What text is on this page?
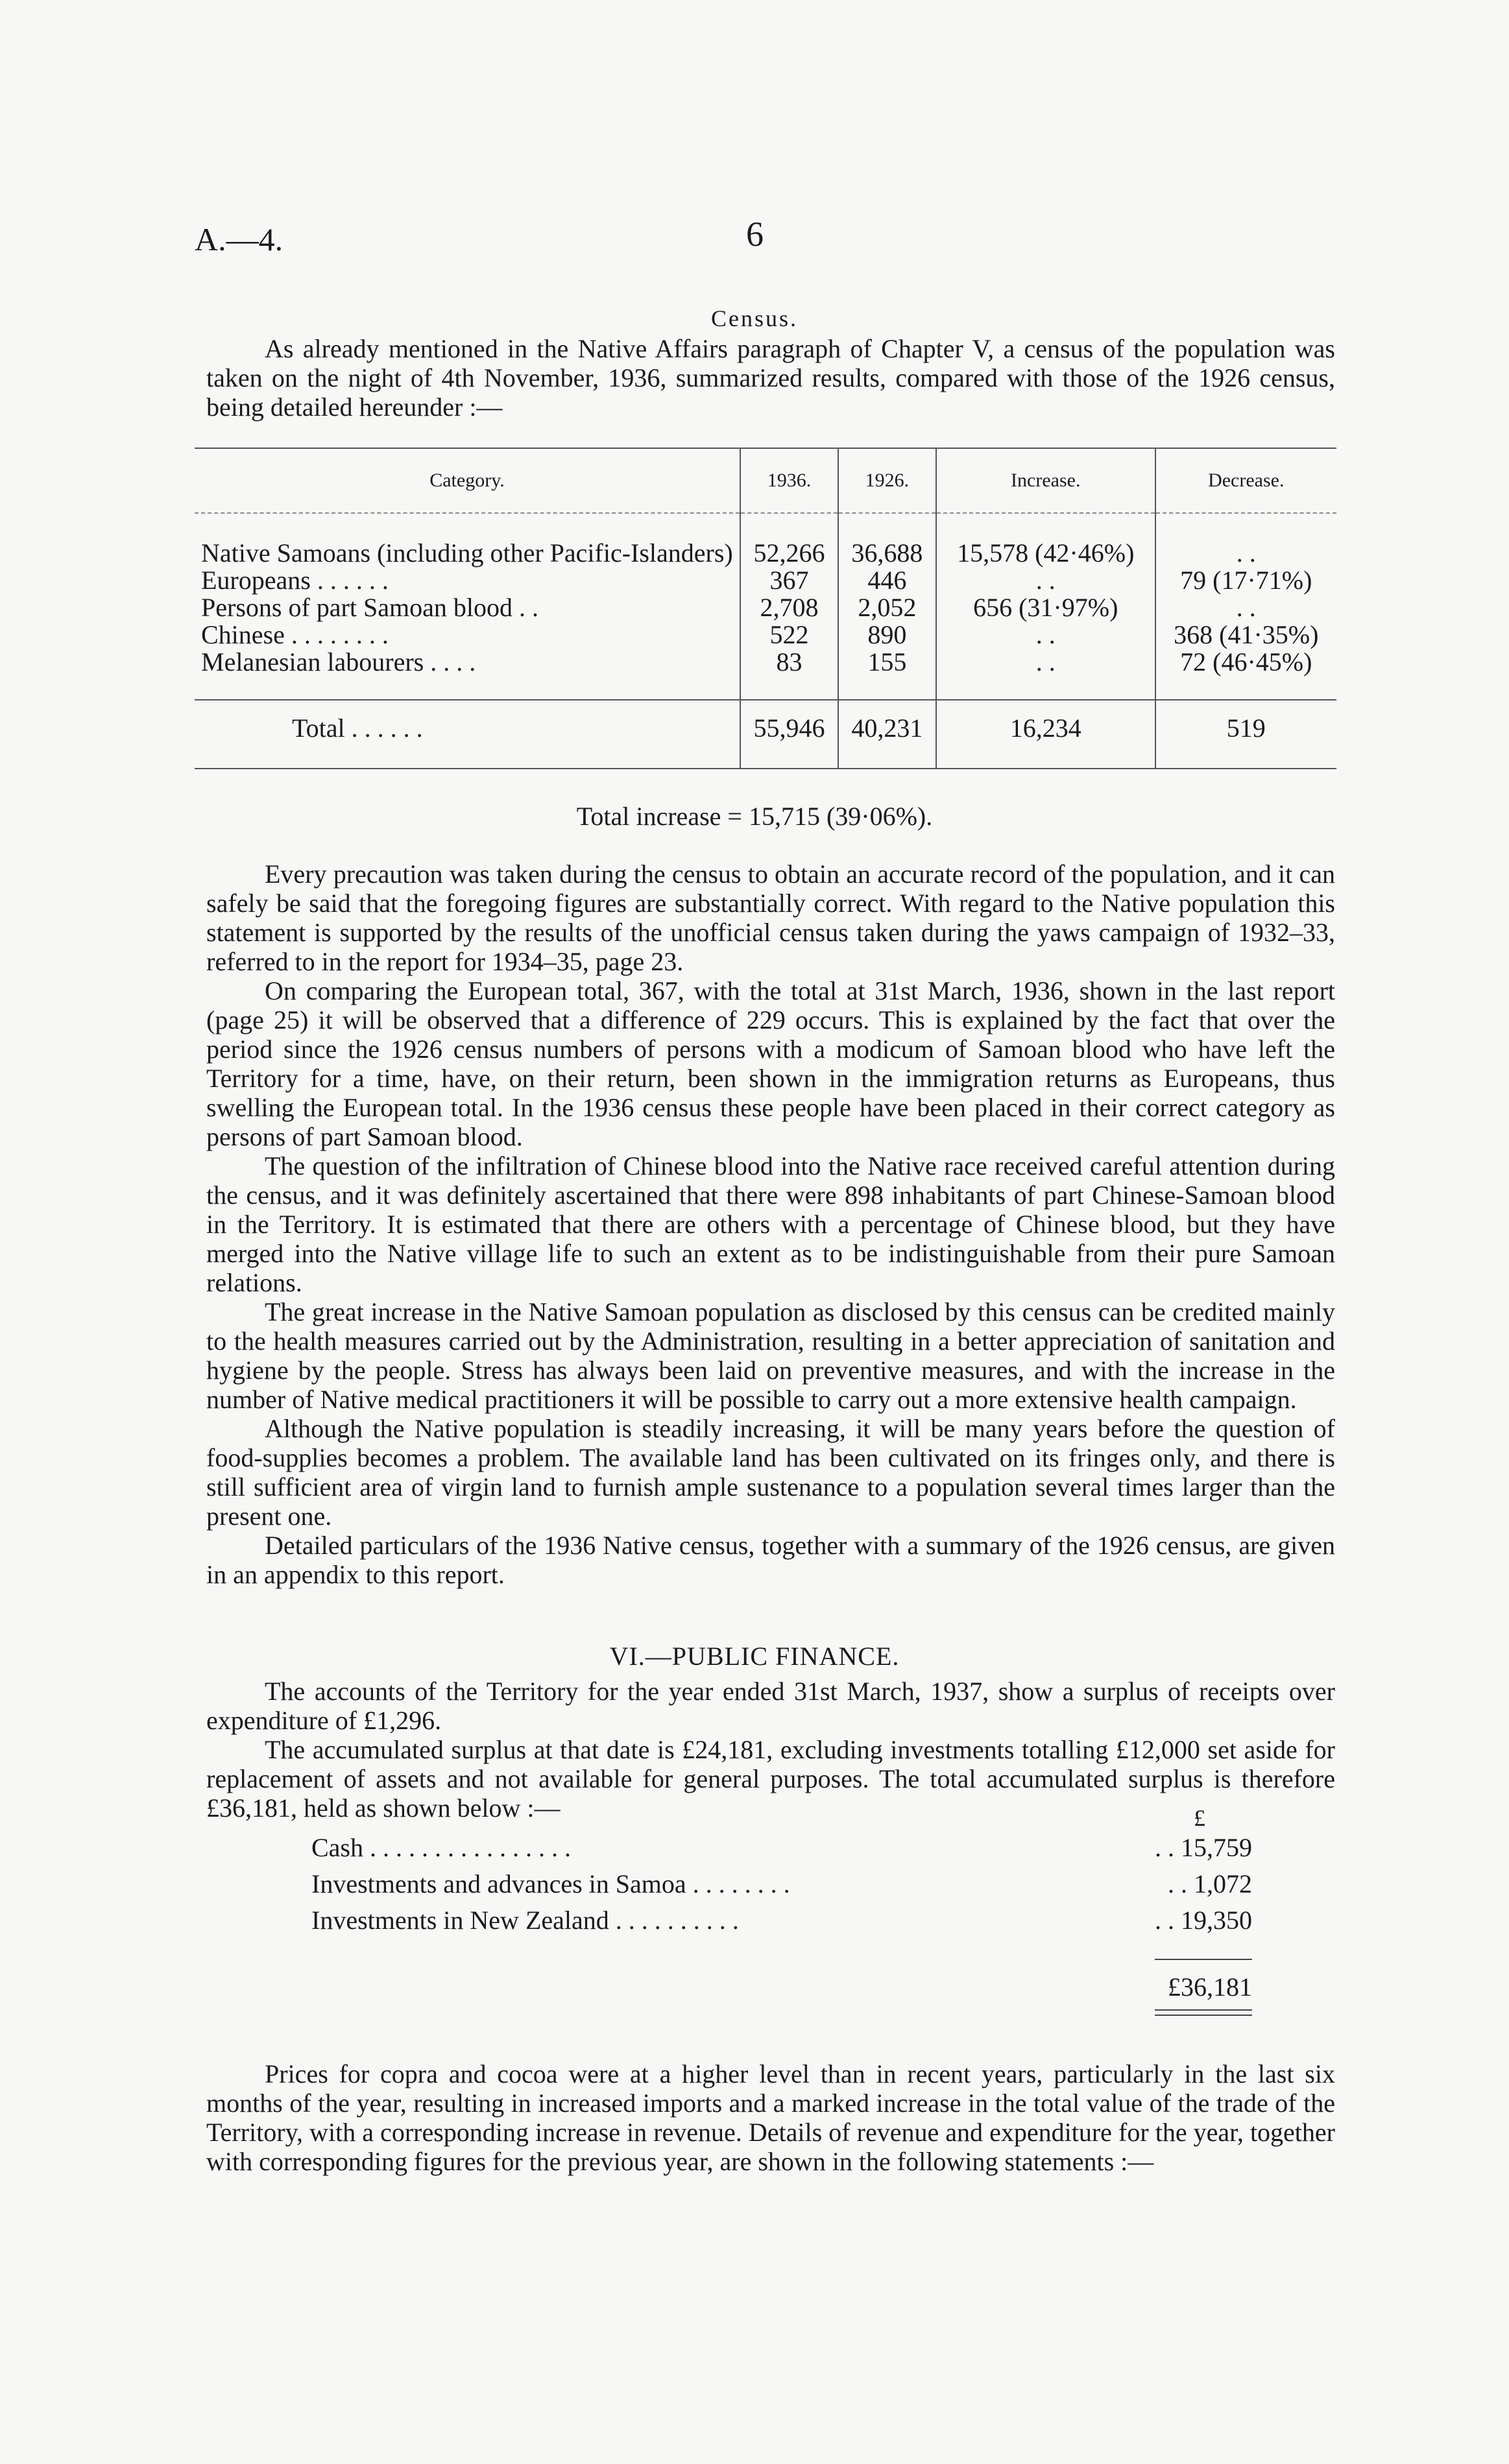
A.—4.	6
Census.

As already mentioned in the Native Affairs paragraph of Chapter V, a census of the population was taken on the night of 4th November, 1936, summarized results, compared with those of the 1926 census, being detailed hereunder :—

Category.	1936.	1926.	Increase.	Decrease.
Native Samoans (including other Pacific-Islanders)	52,266	36,688	15,578 (42·46%)	. .
Europeans . . . . . .	367	446	. .	79 (17·71%)
Persons of part Samoan blood . .	2,708	2,052	656 (31·97%)	. .
Chinese . . . . . . . .	522	890	. .	368 (41·35%)
Melanesian labourers . . . .	83	155	. .	72 (46·45%)
Total . . . . . .	55,946	40,231	16,234	519
Total increase = 15,715 (39·06%).

Every precaution was taken during the census to obtain an accurate record of the population, and it can safely be said that the foregoing figures are substantially correct. With regard to the Native population this statement is supported by the results of the unofficial census taken during the yaws campaign of 1932–33, referred to in the report for 1934–35, page 23.

On comparing the European total, 367, with the total at 31st March, 1936, shown in the last report (page 25) it will be observed that a difference of 229 occurs. This is explained by the fact that over the period since the 1926 census numbers of persons with a modicum of Samoan blood who have left the Territory for a time, have, on their return, been shown in the immigration returns as Europeans, thus swelling the European total. In the 1936 census these people have been placed in their correct category as persons of part Samoan blood.

The question of the infiltration of Chinese blood into the Native race received careful attention during the census, and it was definitely ascertained that there were 898 inhabitants of part Chinese-Samoan blood in the Territory. It is estimated that there are others with a percentage of Chinese blood, but they have merged into the Native village life to such an extent as to be indistinguishable from their pure Samoan relations.

The great increase in the Native Samoan population as disclosed by this census can be credited mainly to the health measures carried out by the Administration, resulting in a better appreciation of sanitation and hygiene by the people. Stress has always been laid on preventive measures, and with the increase in the number of Native medical practitioners it will be possible to carry out a more extensive health campaign.

Although the Native population is steadily increasing, it will be many years before the question of food-supplies becomes a problem. The available land has been cultivated on its fringes only, and there is still sufficient area of virgin land to furnish ample sustenance to a population several times larger than the present one.

Detailed particulars of the 1936 Native census, together with a summary of the 1926 census, are given in an appendix to this report.

VI.—PUBLIC FINANCE.

The accounts of the Territory for the year ended 31st March, 1937, show a surplus of receipts over expenditure of £1,296.

The accumulated surplus at that date is £24,181, excluding investments totalling £12,000 set aside for replacement of assets and not available for general purposes. The total accumulated surplus is therefore £36,181, held as shown below :—	£
Cash . . . . . . . . . . . . . . . .	. . 15,759
Investments and advances in Samoa . . . . . . . .	. . 1,072
Investments in New Zealand . . . . . . . . . .	. . 19,350
£36,181

Prices for copra and cocoa were at a higher level than in recent years, particularly in the last six months of the year, resulting in increased imports and a marked increase in the total value of the trade of the Territory, with a corresponding increase in revenue. Details of revenue and expenditure for the year, together with corresponding figures for the previous year, are shown in the following statements :—
